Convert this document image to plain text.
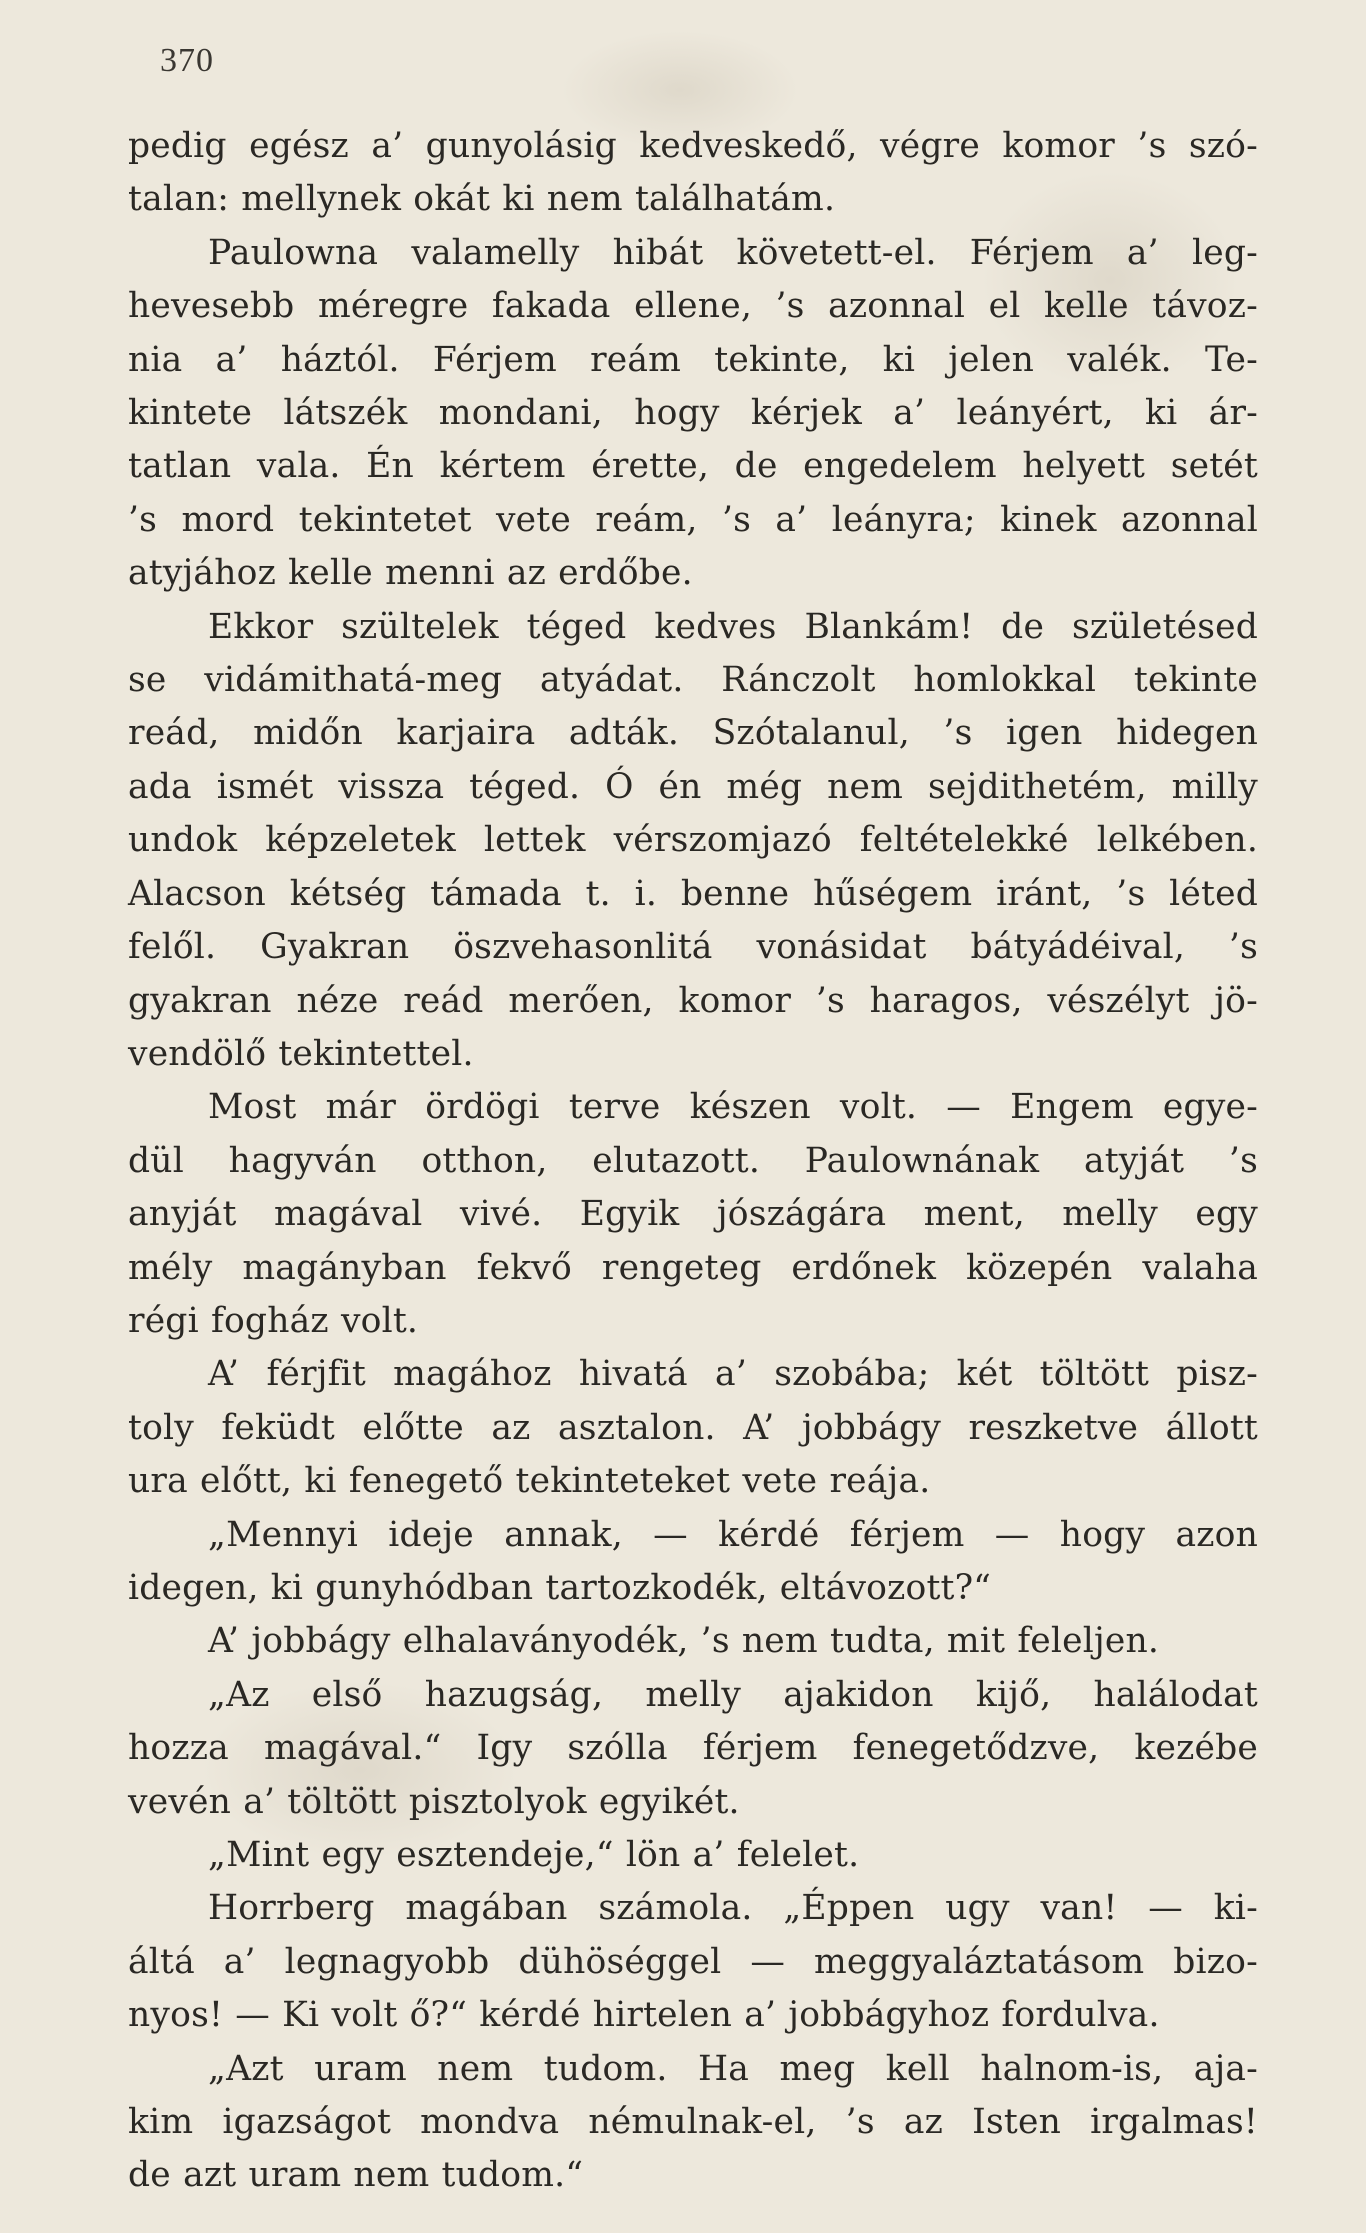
370

pedig egész a’ gunyolásig kedveskedő, végre komor ’s szó-

talan: mellynek okát ki nem találhatám.

Paulowna valamelly hibát követett-el. Férjem a’ leg-

hevesebb méregre fakada ellene, ’s azonnal el kelle távoz-

nia a’ háztól. Férjem reám tekinte, ki jelen valék. Te-

kintete látszék mondani, hogy kérjek a’ leányért, ki ár-

tatlan vala. Én kértem érette, de engedelem helyett setét

’s mord tekintetet vete reám, ’s a’ leányra; kinek azonnal

atyjához kelle menni az erdőbe.

Ekkor szültelek téged kedves Blankám! de születésed

se vidámithatá-meg atyádat. Ránczolt homlokkal tekinte

reád, midőn karjaira adták. Szótalanul, ’s igen hidegen

ada ismét vissza téged. Ó én még nem sejdithetém, milly

undok képzeletek lettek vérszomjazó feltételekké lelkében.

Alacson kétség támada t. i. benne hűségem iránt, ’s léted

felől. Gyakran öszvehasonlitá vonásidat bátyádéival, ’s

gyakran néze reád merően, komor ’s haragos, vészélyt jö-

vendölő tekintettel.

Most már ördögi terve készen volt. — Engem egye-

dül hagyván otthon, elutazott. Paulownának atyját ’s

anyját magával vivé. Egyik jószágára ment, melly egy

mély magányban fekvő rengeteg erdőnek közepén valaha

régi fogház volt.

A’ férjfit magához hivatá a’ szobába; két töltött pisz-

toly feküdt előtte az asztalon. A’ jobbágy reszketve állott

ura előtt, ki fenegető tekinteteket vete reája.

„Mennyi ideje annak, — kérdé férjem — hogy azon

idegen, ki gunyhódban tartozkodék, eltávozott?“

A’ jobbágy elhalaványodék, ’s nem tudta, mit feleljen.

„Az első hazugság, melly ajakidon kijő, halálodat

hozza magával.“ Igy szólla férjem fenegetődzve, kezébe

vevén a’ töltött pisztolyok egyikét.

„Mint egy esztendeje,“ lön a’ felelet.

Horrberg magában számola. „Éppen ugy van! — ki-

áltá a’ legnagyobb dühöséggel — meggyaláztatásom bizo-

nyos! — Ki volt ő?“ kérdé hirtelen a’ jobbágyhoz fordulva.

„Azt uram nem tudom. Ha meg kell halnom-is, aja-

kim igazságot mondva némulnak-el, ’s az Isten irgalmas!

de azt uram nem tudom.“
